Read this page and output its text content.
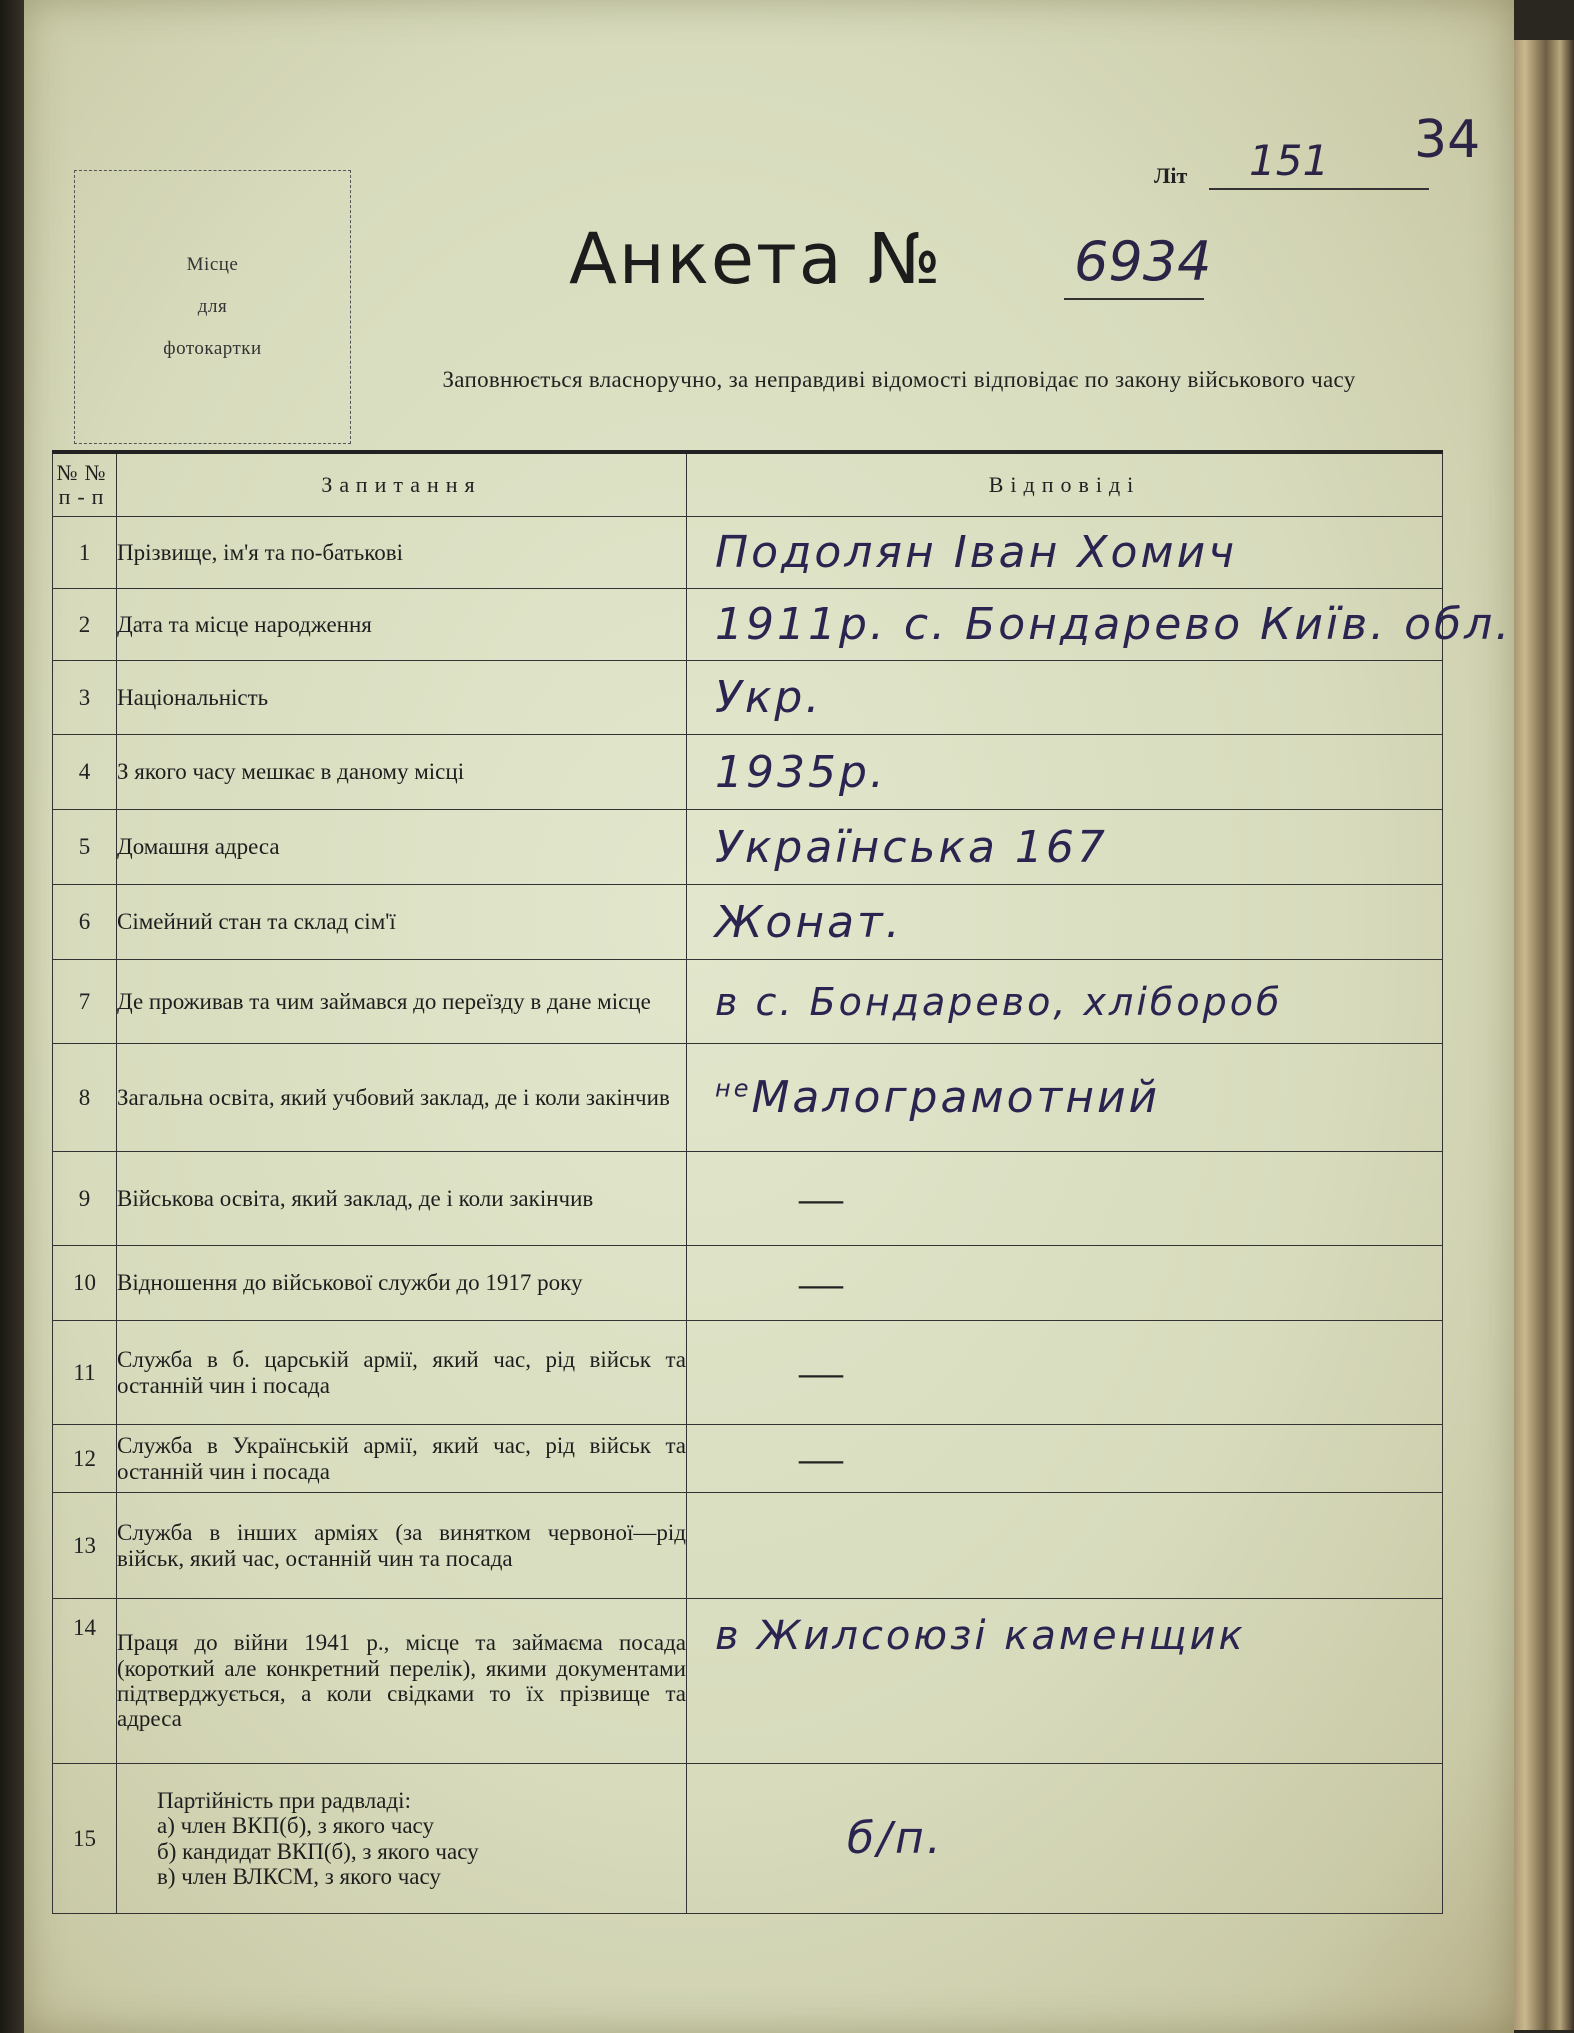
Місце
для
фотокартки
Літ 151 34
Анкета № 6934
Заповнюється власноручно, за неправдиві відомості відповідає по закону військового часу
№№ п-п	Запитання	Відповіді
1	Прізвище, ім'я та по-батькові	Подолян Іван Хомич
2	Дата та місце народження	1911р. с. Бондарево Київ. обл.
3	Національність	Укр.
4	З якого часу мешкає в даному місці	1935р.
5	Домашня адреса	Українська 167
6	Сімейний стан та склад сім'ї	Жонат.
7	Де проживав та чим займався до переїзду в дане місце	в с. Бондарево, хлібороб
8	Загальна освіта, який учбовий заклад, де і коли закінчив	$^{не}$Малограмотний
9	Військова освіта, який заклад, де і коли закінчив	—
10	Відношення до військової служби до 1917 року	—
11	Служба в б. царській армії, який час, рід військ та останній чин і посада	—
12	Служба в Українській армії, який час, рід військ та останній чин і посада	—
13	Служба в інших арміях (за винятком червоної—рід військ, який час, останній чин та посада	
14	Праця до війни 1941 р., місце та займаєма посада (короткий але конкретний перелік), якими документами підтверджується, а коли свідками то їх прізвище та адреса	в Жилсоюзі каменщик
15	Партійність при радвладі:
а) член ВКП(б), з якого часу
б) кандидат ВКП(б), з якого часу
в) член ВЛКСМ, з якого часу	б/п.
